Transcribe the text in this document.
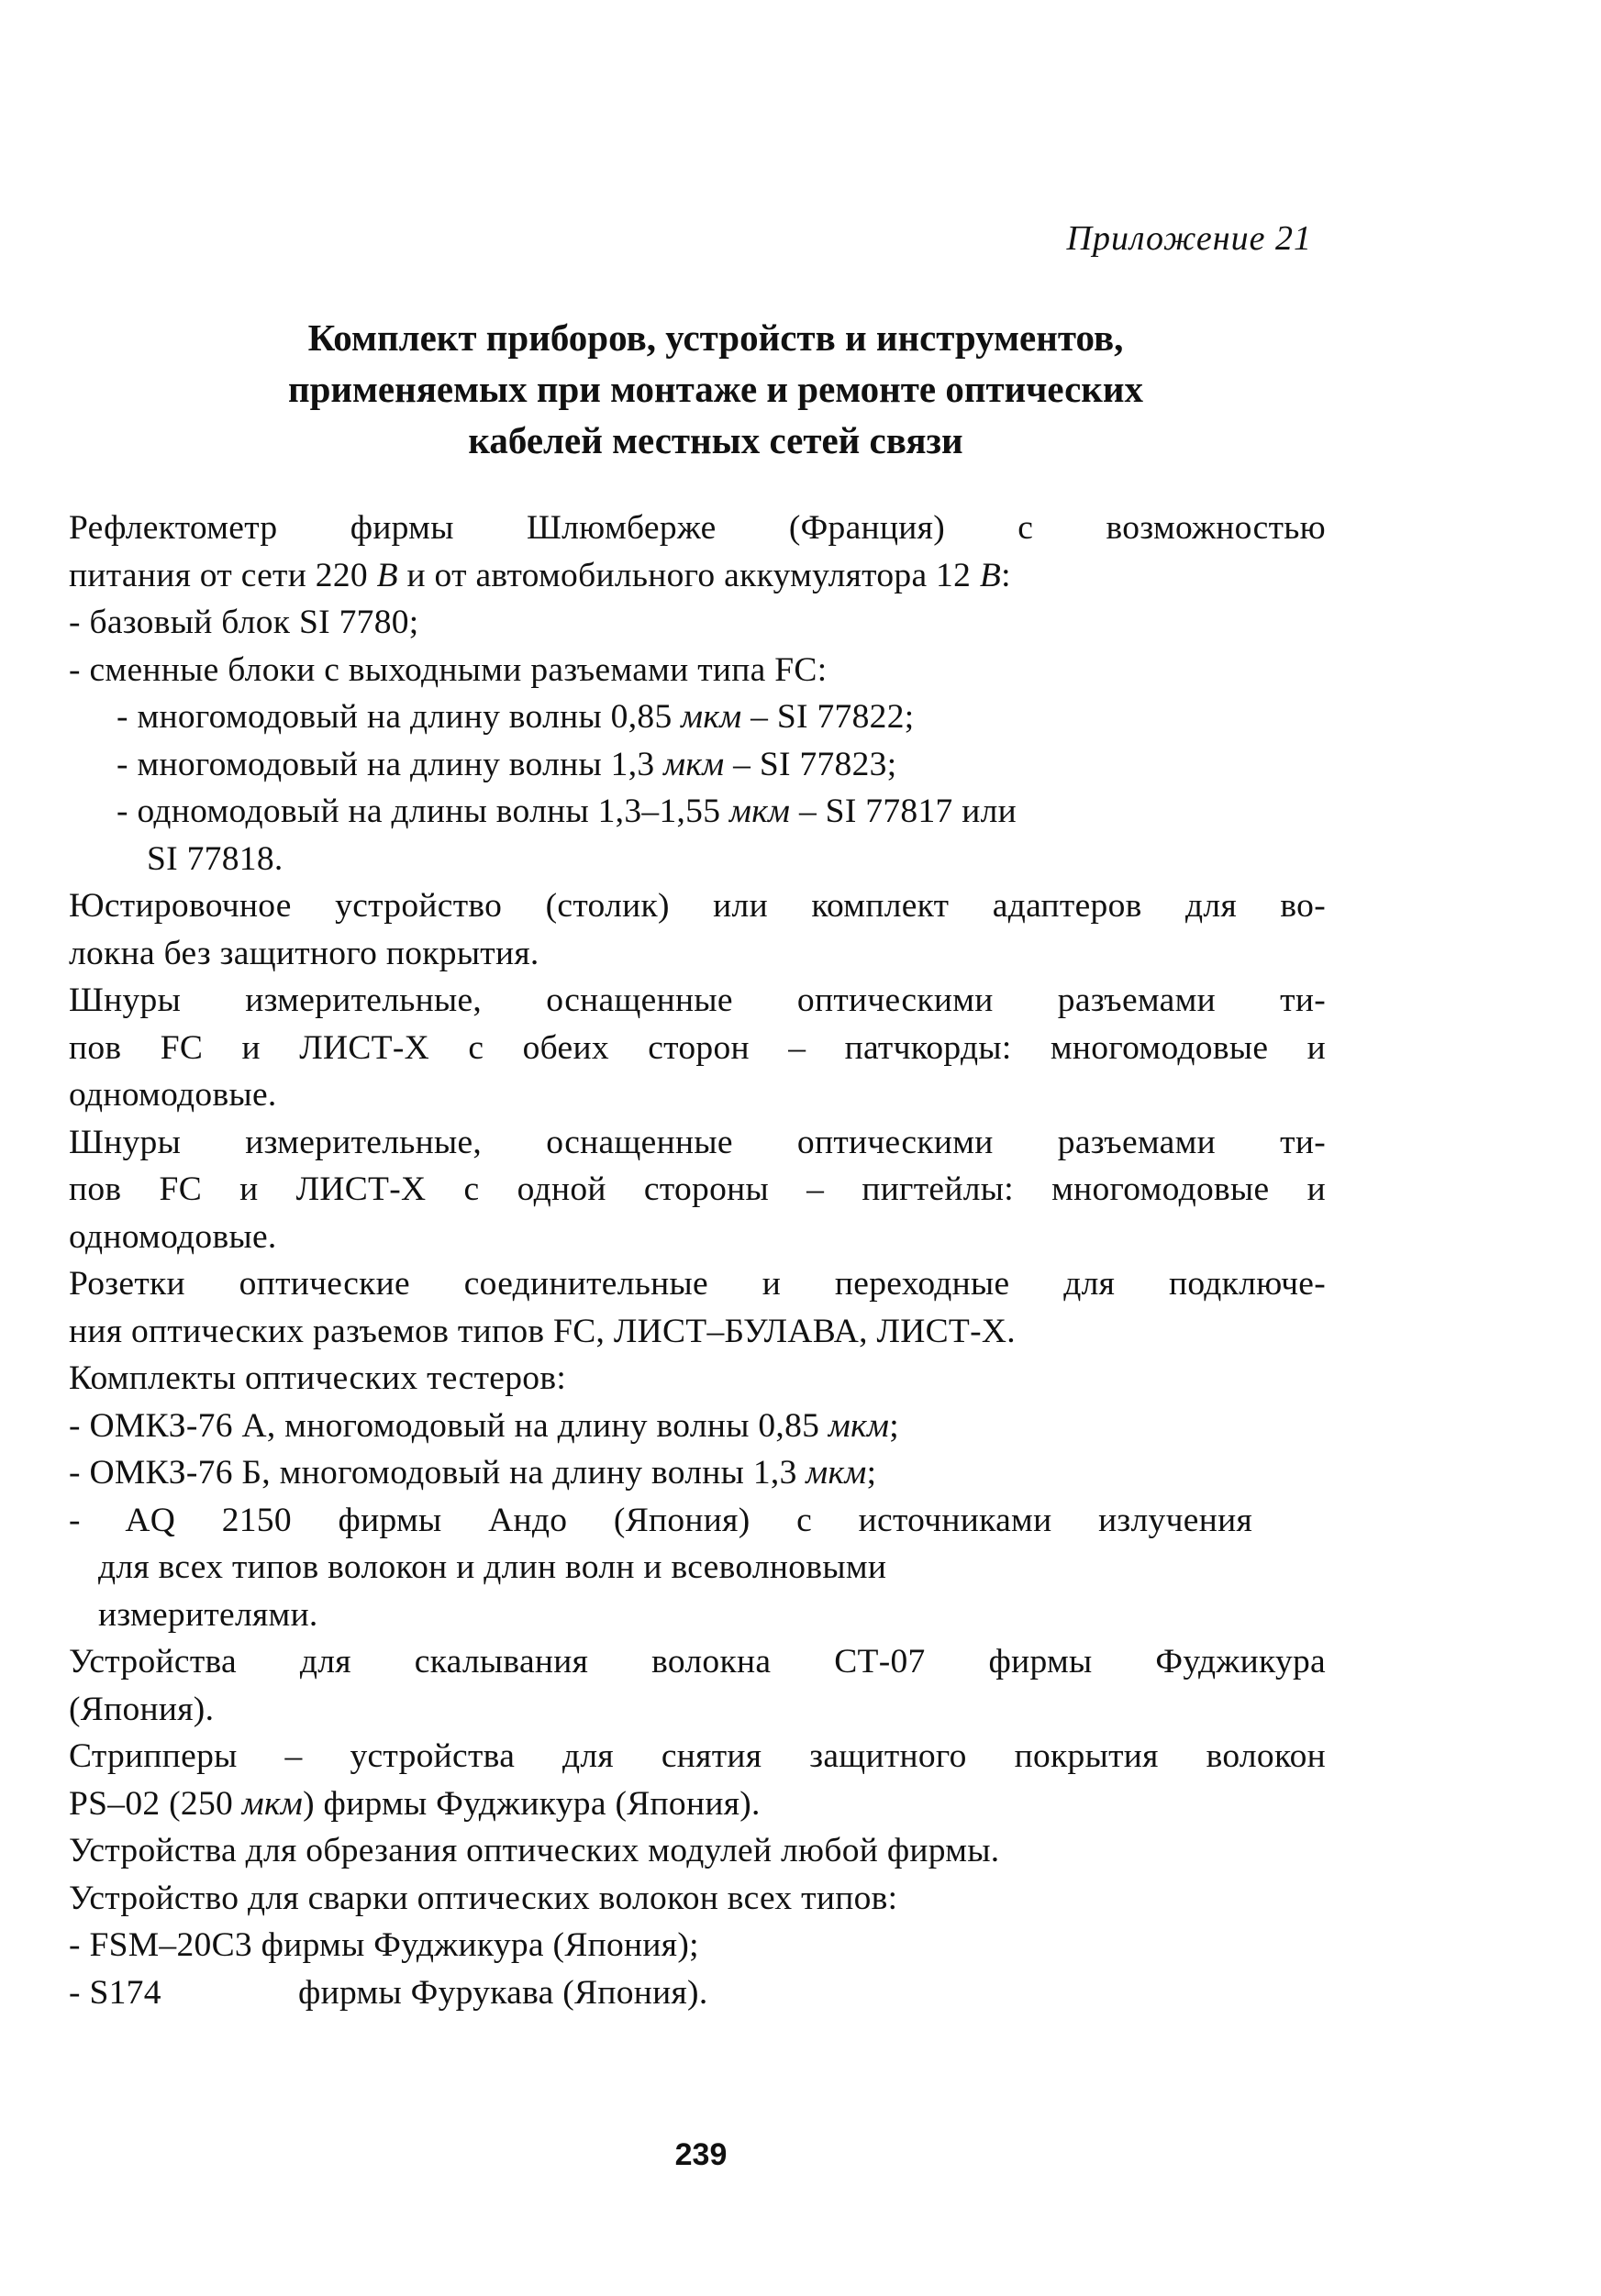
Приложение 21
Комплект приборов, устройств и инструментов,
применяемых при монтаже и ремонте оптических
кабелей местных сетей связи
Рефлектометр фирмы Шлюмберже (Франция) с возможностью
питания от сети 220 В и от автомобильного аккумулятора 12 В:
- базовый блок SI 7780;
- сменные блоки с выходными разъемами типа FC:
- многомодовый на длину волны 0,85 мкм – SI 77822;
- многомодовый на длину волны 1,3 мкм – SI 77823;
- одномодовый на длины волны 1,3–1,55 мкм – SI 77817 или
SI 77818.
Юстировочное устройство (столик) или комплект адаптеров для во-
локна без защитного покрытия.
Шнуры измерительные, оснащенные оптическими разъемами ти-
пов FC и ЛИСТ-X с обеих сторон – патчкорды: многомодовые и
одномодовые.
Шнуры измерительные, оснащенные оптическими разъемами ти-
пов FC и ЛИСТ-X с одной стороны – пигтейлы: многомодовые и
одномодовые.
Розетки оптические соединительные и переходные для подключе-
ния оптических разъемов типов FC, ЛИСТ–БУЛАВА, ЛИСТ-X.
Комплекты оптических тестеров:
- ОМКЗ-76 А, многомодовый на длину волны 0,85 мкм;
- ОМКЗ-76 Б, многомодовый на длину волны 1,3 мкм;
- AQ 2150 фирмы Андо (Япония) с источниками излучения
для всех типов волокон и длин волн и всеволновыми
измерителями.
Устройства для скалывания волокна СТ-07 фирмы Фуджикура
(Япония).
Стрипперы – устройства для снятия защитного покрытия волокон
PS–02 (250 мкм) фирмы Фуджикура (Япония).
Устройства для обрезания оптических модулей любой фирмы.
Устройство для сварки оптических волокон всех типов:
- FSM–20C3 фирмы Фуджикура (Япония);
- S174	фирмы Фурукава (Япония).
239
